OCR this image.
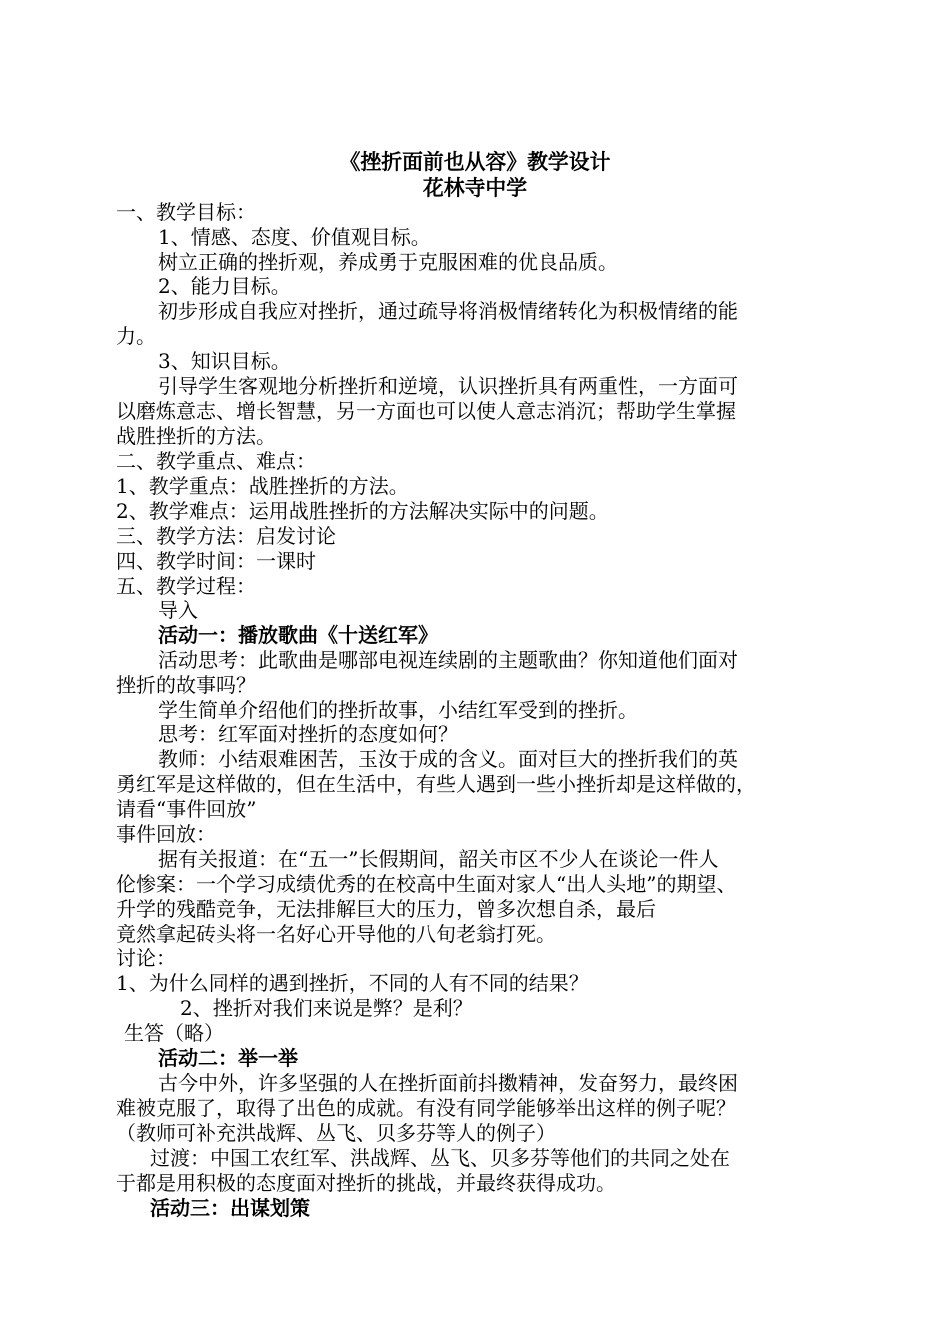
《挫折面前也从容》教学设计
花林寺中学
一、教学目标：
1、情感、态度、价值观目标。
树立正确的挫折观，养成勇于克服困难的优良品质。
2、能力目标。
初步形成自我应对挫折，通过疏导将消极情绪转化为积极情绪的能
力。
3、知识目标。
引导学生客观地分析挫折和逆境，认识挫折具有两重性，一方面可
以磨炼意志、增长智慧，另一方面也可以使人意志消沉；帮助学生掌握
战胜挫折的方法。
二、教学重点、难点：
1、教学重点：战胜挫折的方法。
2、教学难点：运用战胜挫折的方法解决实际中的问题。
三、教学方法：启发讨论
四、教学时间：一课时
五、教学过程：
导入
活动一：播放歌曲《十送红军》
活动思考：此歌曲是哪部电视连续剧的主题歌曲？你知道他们面对
挫折的故事吗？
学生简单介绍他们的挫折故事，小结红军受到的挫折。
思考：红军面对挫折的态度如何？
教师：小结艰难困苦，玉汝于成的含义。面对巨大的挫折我们的英
勇红军是这样做的，但在生活中，有些人遇到一些小挫折却是这样做的，
请看“事件回放”
事件回放：
据有关报道：在“五一”长假期间，韶关市区不少人在谈论一件人
伦惨案：一个学习成绩优秀的在校高中生面对家人“出人头地”的期望、
升学的残酷竞争，无法排解巨大的压力，曾多次想自杀，最后
竟然拿起砖头将一名好心开导他的八旬老翁打死。
讨论：
1、为什么同样的遇到挫折，不同的人有不同的结果？
2、挫折对我们来说是弊？是利？
生答（略）
活动二：举一举
古今中外，许多坚强的人在挫折面前抖擞精神，发奋努力，最终困
难被克服了，取得了出色的成就。有没有同学能够举出这样的例子呢？
（教师可补充洪战辉、丛飞、贝多芬等人的例子）
过渡：中国工农红军、洪战辉、丛飞、贝多芬等他们的共同之处在
于都是用积极的态度面对挫折的挑战，并最终获得成功。
活动三：出谋划策
